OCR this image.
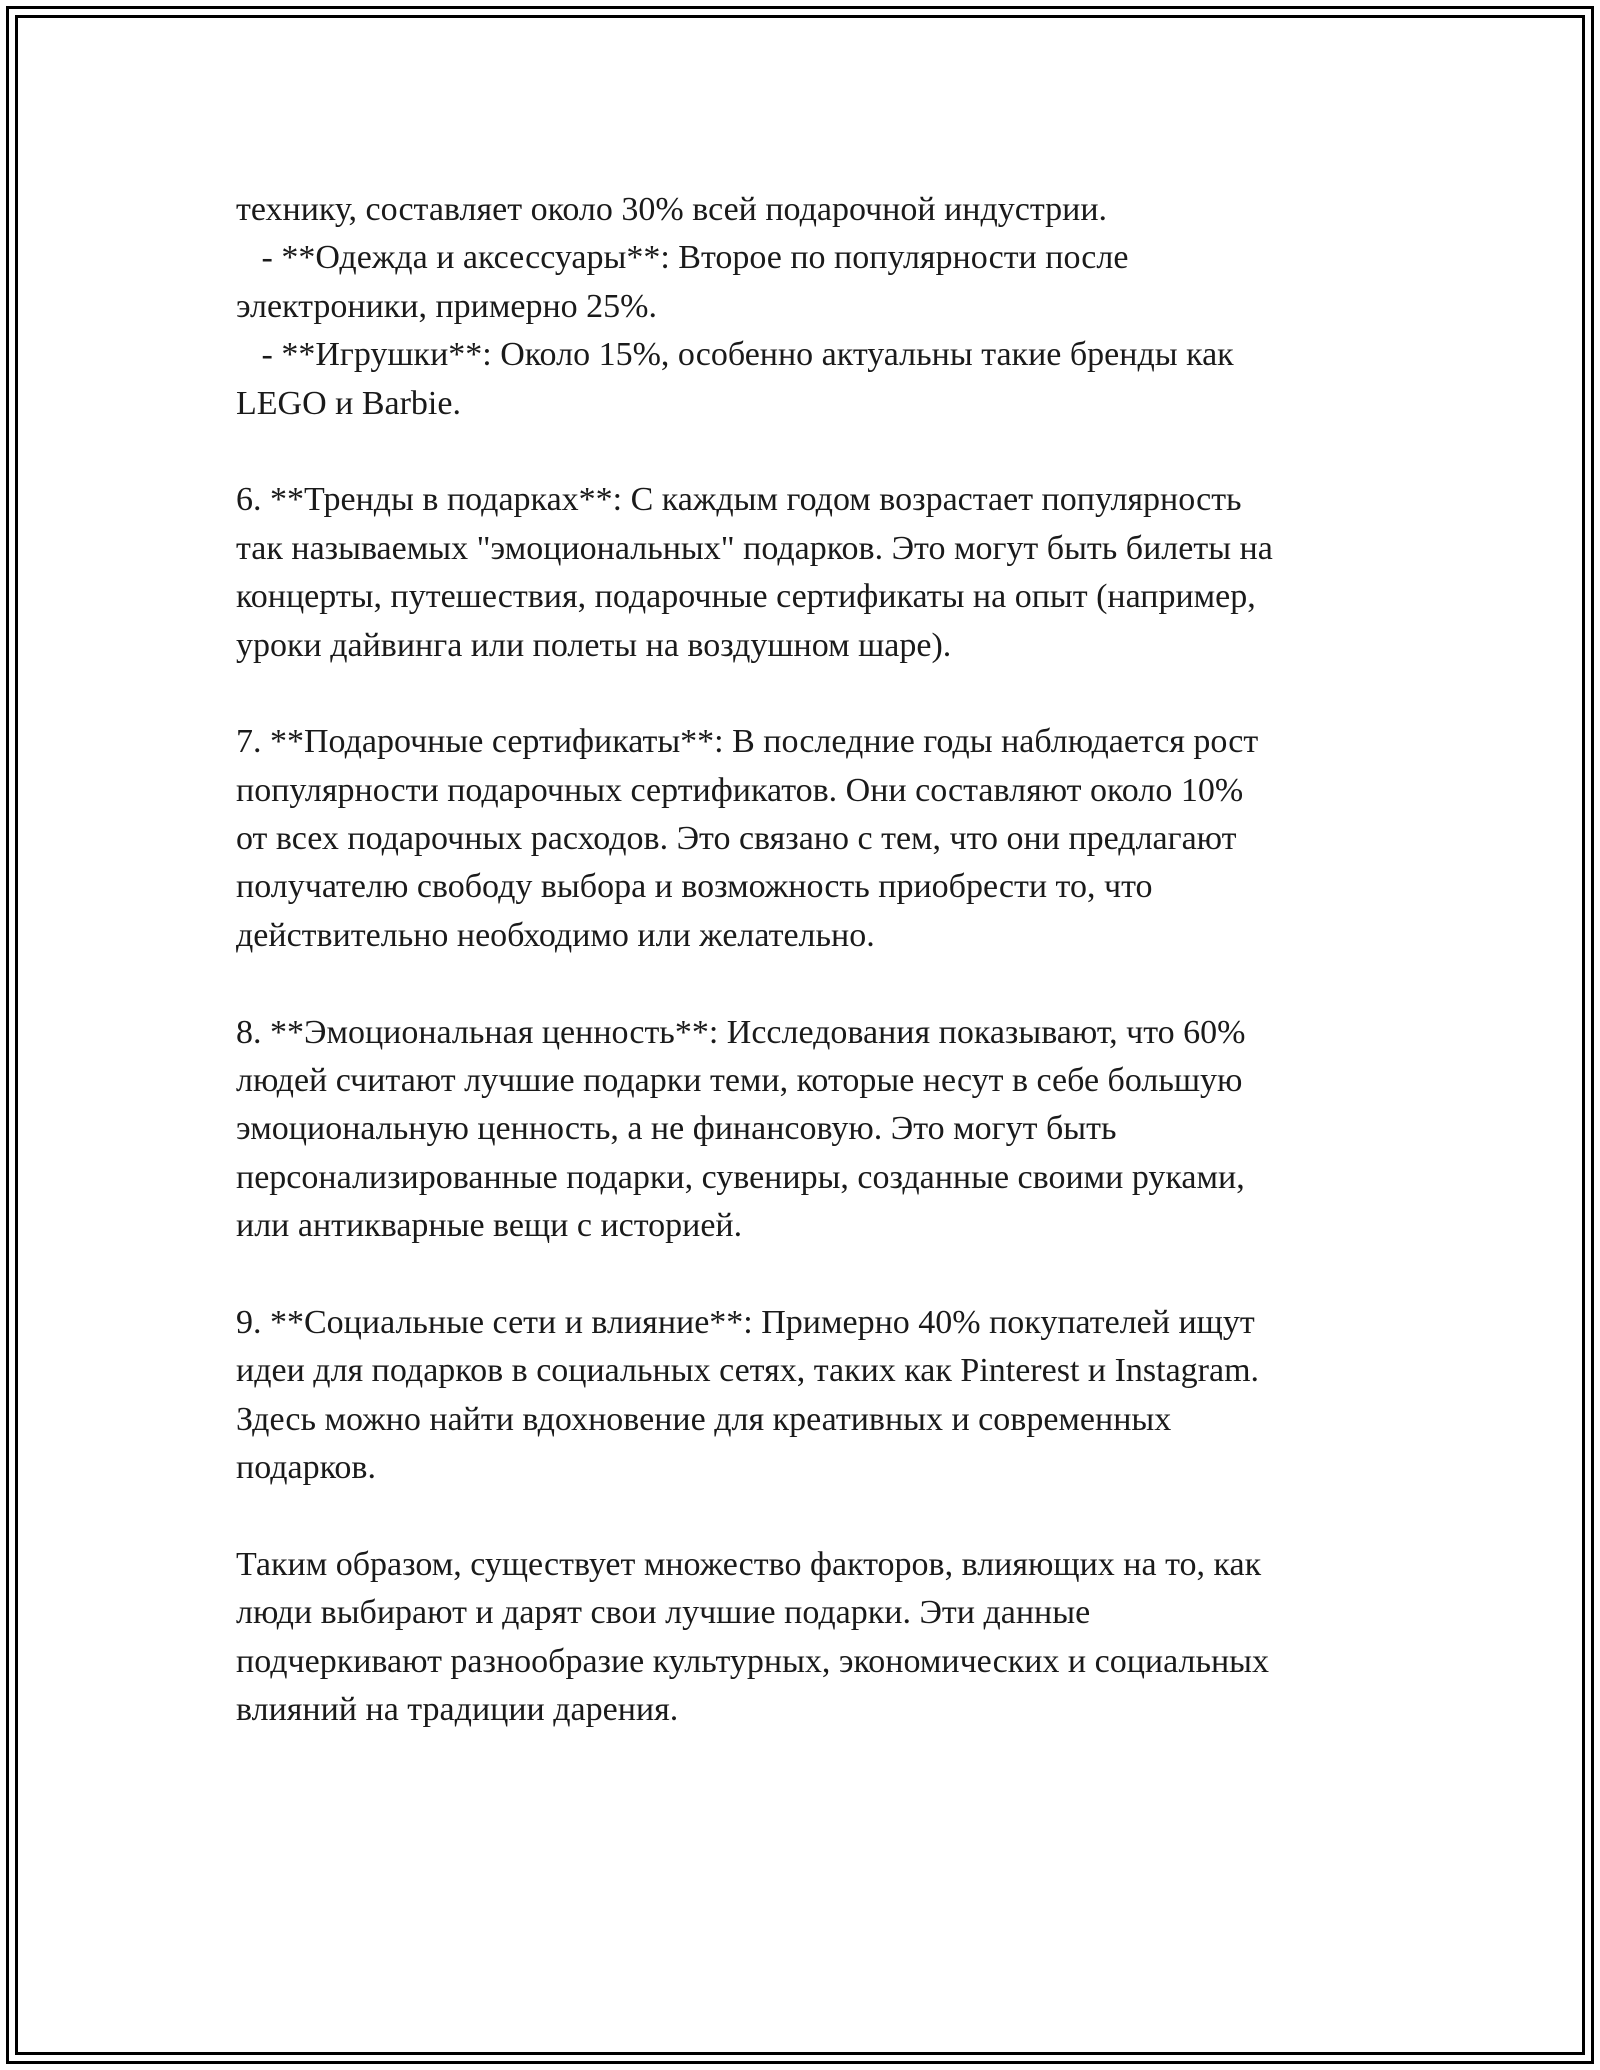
технику, составляет около 30% всей подарочной индустрии.
- **Одежда и аксессуары**: Второе по популярности после
электроники, примерно 25%.
- **Игрушки**: Около 15%, особенно актуальны такие бренды как
LEGO и Barbie.
6. **Тренды в подарках**: С каждым годом возрастает популярность
так называемых "эмоциональных" подарков. Это могут быть билеты на
концерты, путешествия, подарочные сертификаты на опыт (например,
уроки дайвинга или полеты на воздушном шаре).
7. **Подарочные сертификаты**: В последние годы наблюдается рост
популярности подарочных сертификатов. Они составляют около 10%
от всех подарочных расходов. Это связано с тем, что они предлагают
получателю свободу выбора и возможность приобрести то, что
действительно необходимо или желательно.
8. **Эмоциональная ценность**: Исследования показывают, что 60%
людей считают лучшие подарки теми, которые несут в себе большую
эмоциональную ценность, а не финансовую. Это могут быть
персонализированные подарки, сувениры, созданные своими руками,
или антикварные вещи с историей.
9. **Социальные сети и влияние**: Примерно 40% покупателей ищут
идеи для подарков в социальных сетях, таких как Pinterest и Instagram.
Здесь можно найти вдохновение для креативных и современных
подарков.
Таким образом, существует множество факторов, влияющих на то, как
люди выбирают и дарят свои лучшие подарки. Эти данные
подчеркивают разнообразие культурных, экономических и социальных
влияний на традиции дарения.
